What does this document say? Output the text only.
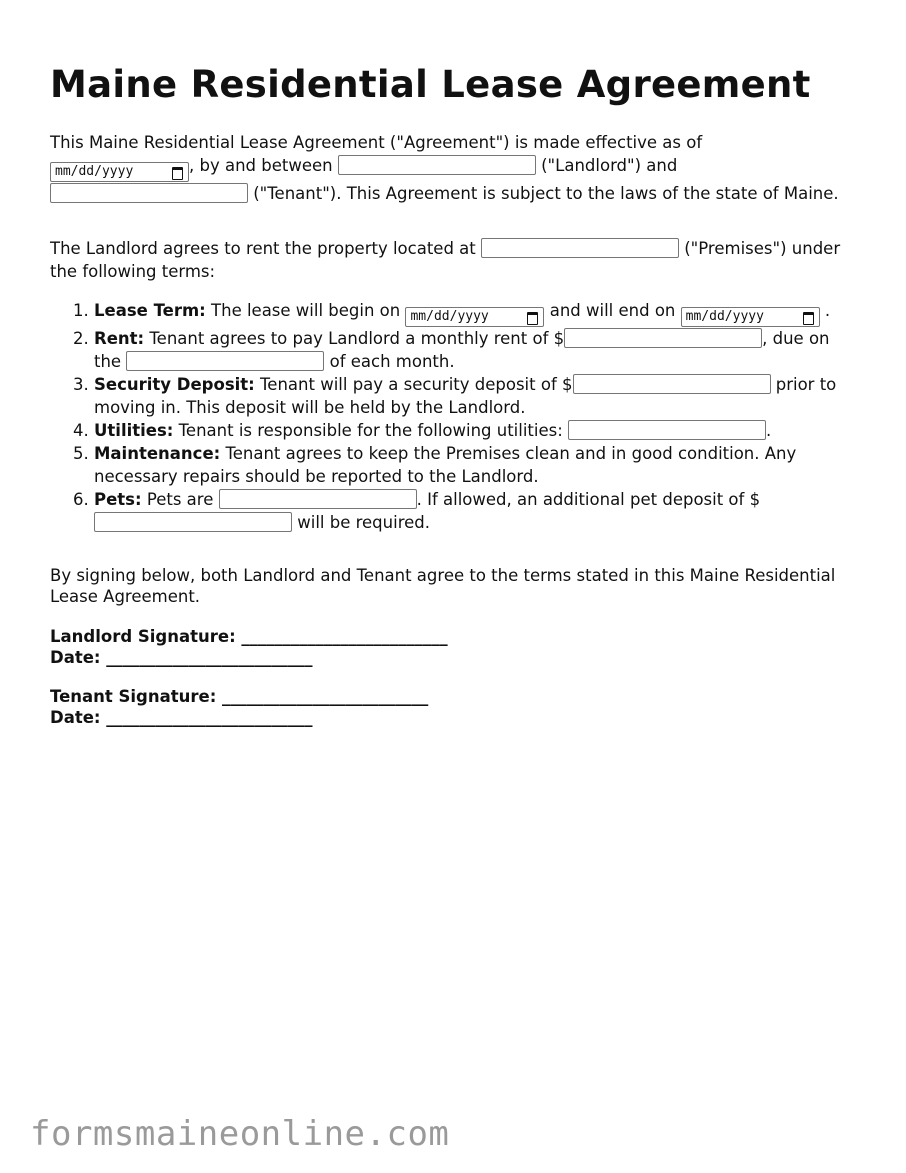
Maine Residential Lease Agreement

This Maine Residential Lease Agreement ("Agreement") is made effective as of mm/dd/yyyy	, by and between	("Landlord") and  ("Tenant"). This Agreement is subject to the laws of the state of Maine.

The Landlord agrees to rent the property located at	("Premises") under the following terms:

1. Lease Term: The lease will begin on mm/dd/yyyy	and will end on mm/dd/yyyy	.
2. Rent: Tenant agrees to pay Landlord a monthly rent of $	, due on the	of each month.
3. Security Deposit: Tenant will pay a security deposit of $	prior to moving in. This deposit will be held by the Landlord.
4. Utilities: Tenant is responsible for the following utilities:	.
5. Maintenance: Tenant agrees to keep the Premises clean and in good condition. Any necessary repairs should be reported to the Landlord.
6. Pets: Pets are	. If allowed, an additional pet deposit of $  will be required.

By signing below, both Landlord and Tenant agree to the terms stated in this Maine Residential Lease Agreement.

Landlord Signature: _________________________
Date: _________________________
Tenant Signature: _________________________
Date: _________________________
formsmaineonline.com
